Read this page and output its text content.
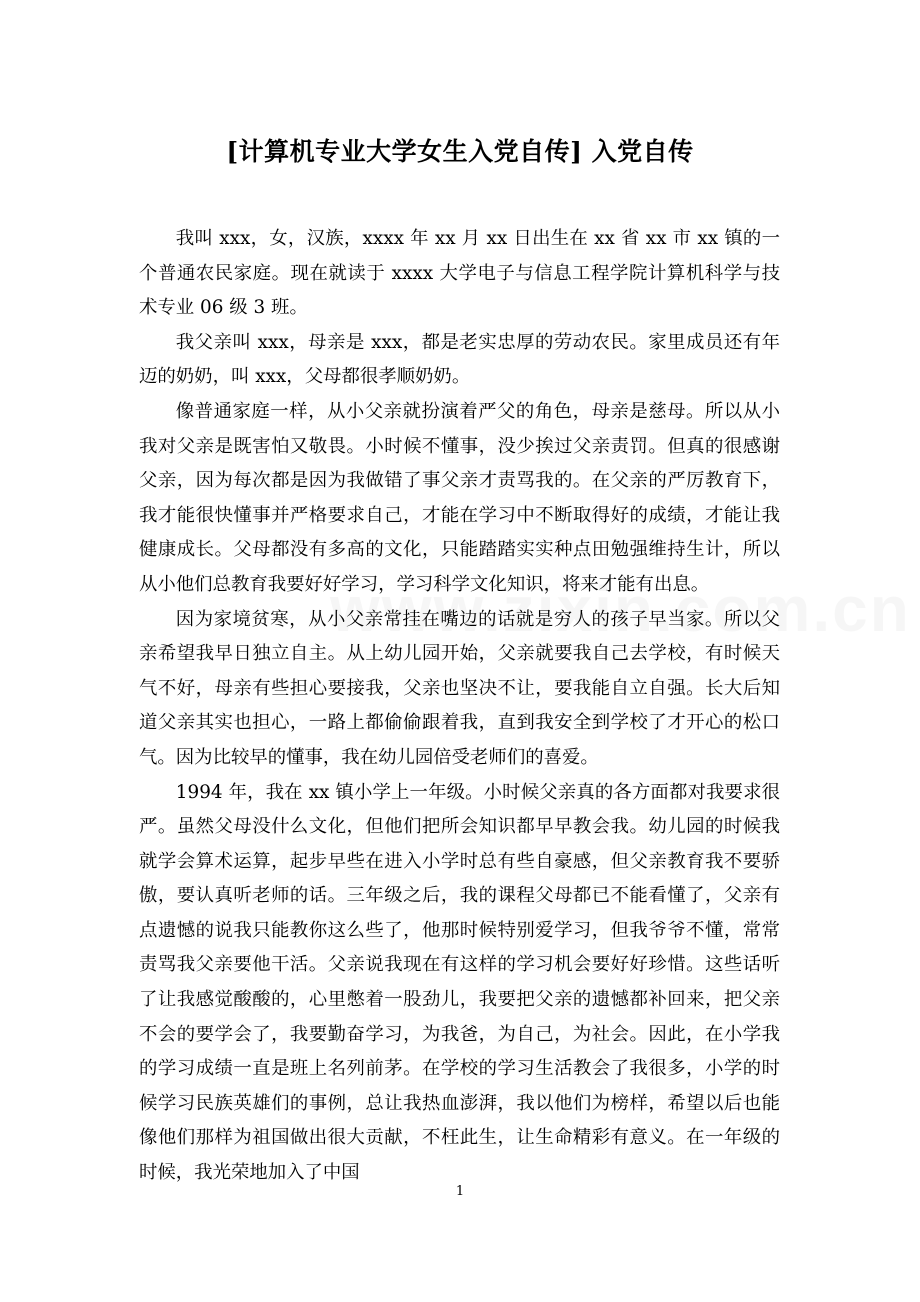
[计算机专业大学女生入党自传] 入党自传

我叫 xxx，女，汉族，xxxx 年 xx 月 xx 日出生在 xx 省 xx 市 xx 镇的一个普通农民家庭。现在就读于 xxxx 大学电子与信息工程学院计算机科学与技术专业 06 级 3 班。

我父亲叫 xxx，母亲是 xxx，都是老实忠厚的劳动农民。家里成员还有年迈的奶奶，叫 xxx，父母都很孝顺奶奶。

像普通家庭一样，从小父亲就扮演着严父的角色，母亲是慈母。所以从小我对父亲是既害怕又敬畏。小时候不懂事，没少挨过父亲责罚。但真的很感谢父亲，因为每次都是因为我做错了事父亲才责骂我的。在父亲的严厉教育下，我才能很快懂事并严格要求自己，才能在学习中不断取得好的成绩，才能让我健康成长。父母都没有多高的文化，只能踏踏实实种点田勉强维持生计，所以从小他们总教育我要好好学习，学习科学文化知识，将来才能有出息。

因为家境贫寒，从小父亲常挂在嘴边的话就是穷人的孩子早当家。所以父亲希望我早日独立自主。从上幼儿园开始，父亲就要我自己去学校，有时候天气不好，母亲有些担心要接我，父亲也坚决不让，要我能自立自强。长大后知道父亲其实也担心，一路上都偷偷跟着我，直到我安全到学校了才开心的松口气。因为比较早的懂事，我在幼儿园倍受老师们的喜爱。

1994 年，我在 xx 镇小学上一年级。小时候父亲真的各方面都对我要求很严。虽然父母没什么文化，但他们把所会知识都早早教会我。幼儿园的时候我就学会算术运算，起步早些在进入小学时总有些自豪感，但父亲教育我不要骄傲，要认真听老师的话。三年级之后，我的课程父母都已不能看懂了，父亲有点遗憾的说我只能教你这么些了，他那时候特别爱学习，但我爷爷不懂，常常责骂我父亲要他干活。父亲说我现在有这样的学习机会要好好珍惜。这些话听了让我感觉酸酸的，心里憋着一股劲儿，我要把父亲的遗憾都补回来，把父亲不会的要学会了，我要勤奋学习，为我爸，为自己，为社会。因此，在小学我的学习成绩一直是班上名列前茅。在学校的学习生活教会了我很多，小学的时候学习民族英雄们的事例，总让我热血澎湃，我以他们为榜样，希望以后也能像他们那样为祖国做出很大贡献，不枉此生，让生命精彩有意义。在一年级的时候，我光荣地加入了中国

1
